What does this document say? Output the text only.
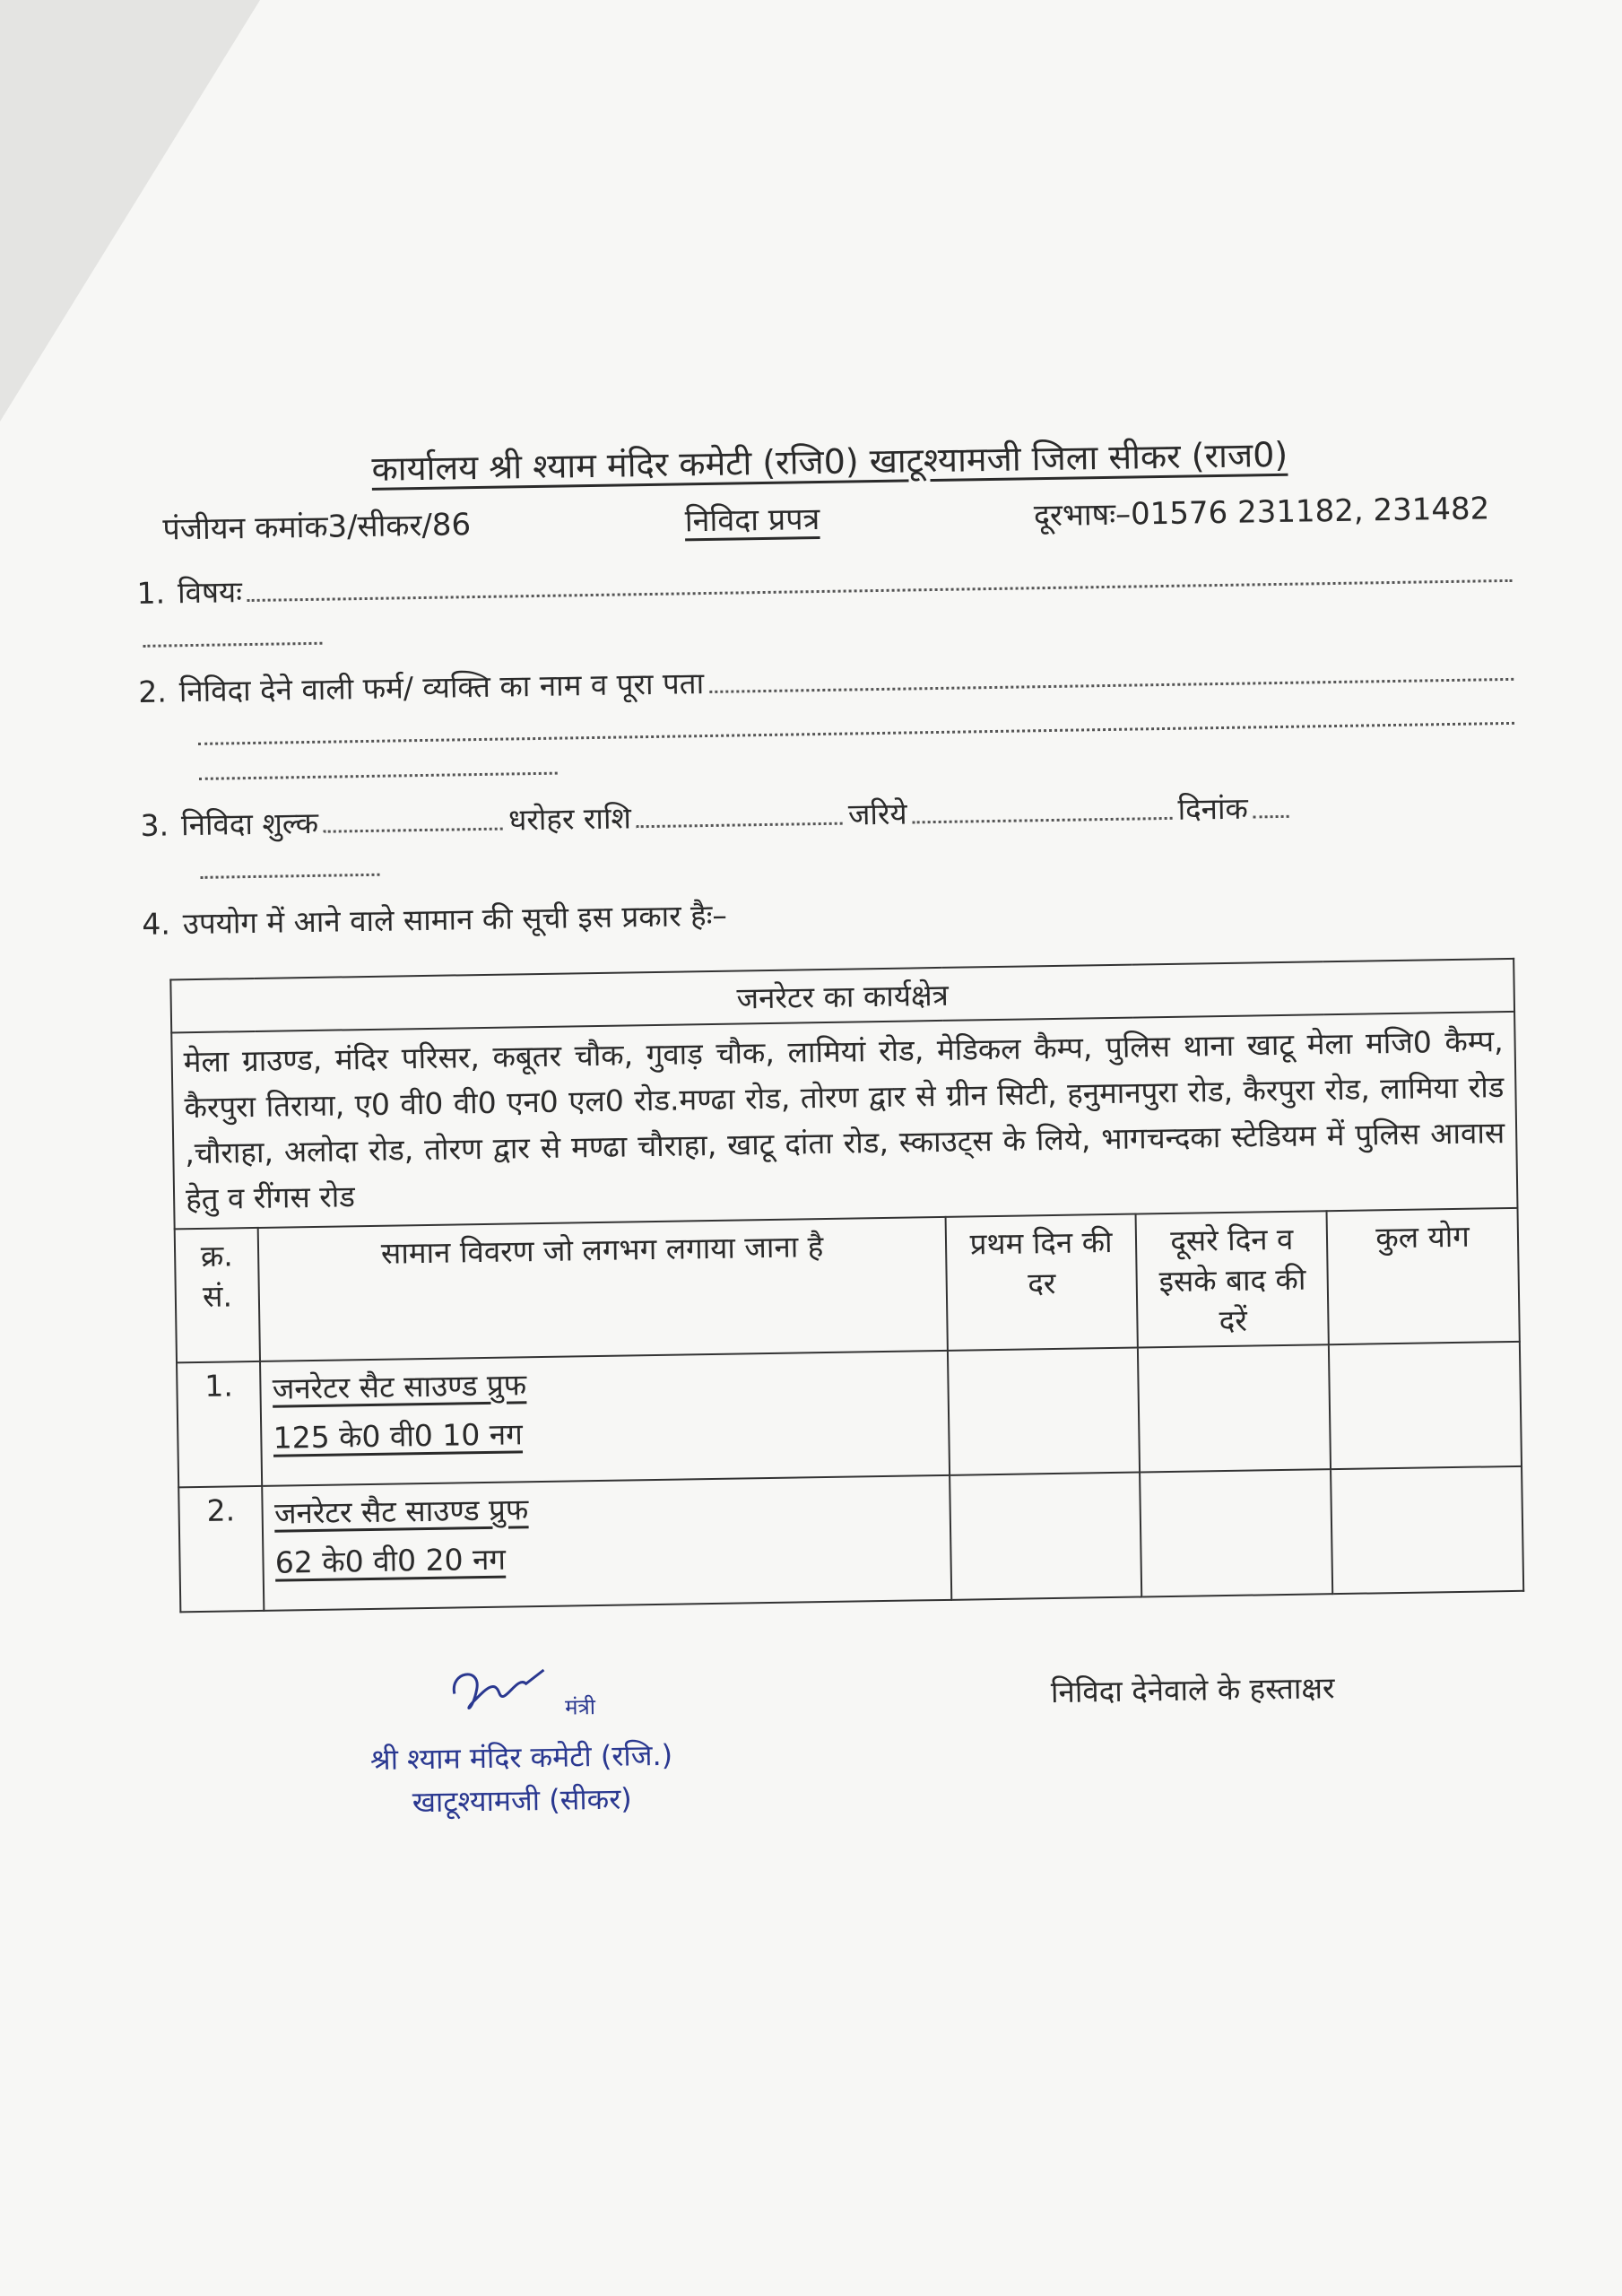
कार्यालय श्री श्याम मंदिर कमेटी (रजि0) खाटूश्यामजी जिला सीकर (राज0)
पंजीयन कमांक3/सीकर/86	निविदा प्रपत्र	दूरभाषः–01576 231182, 231482
1. विषयः
2. निविदा देने वाली फर्म/ व्यक्ति का नाम व पूरा पता
3. निविदा शुल्क	धरोहर राशि	जरिये	दिनांक
4. उपयोग में आने वाले सामान की सूची इस प्रकार हैः–
जनरेटर का कार्यक्षेत्र				
मेला ग्राउण्ड, मंदिर परिसर, कबूतर चौक, गुवाड़ चौक, लामियां रोड, मेडिकल कैम्प, पुलिस थाना खाटू मेला मजि0 कैम्प, कैरपुरा तिराया, ए0 वी0 वी0 एन0 एल0 रोड.मण्ढा रोड, तोरण द्वार से ग्रीन सिटी, हनुमानपुरा रोड, कैरपुरा रोड, लामिया रोड ,चौराहा, अलोदा रोड, तोरण द्वार से मण्ढा चौराहा, खाटू दांता रोड, स्काउट्स के लिये, भागचन्दका स्टेडियम में पुलिस आवास हेतु व रींगस रोड				
क्र. सं.	सामान विवरण जो लगभग लगाया जाना है	प्रथम दिन की दर	दूसरे दिन व इसके बाद की दरें	कुल योग
1.	जनरेटर सैट साउण्ड प्रुफ
125 के0 वी0 10 नग			
2.	जनरेटर सैट साउण्ड प्रुफ
62 के0 वी0 20 नग			
मंत्री
श्री श्याम मंदिर कमेटी (रजि.)
खाटूश्यामजी (सीकर)
निविदा देनेवाले के हस्ताक्षर
